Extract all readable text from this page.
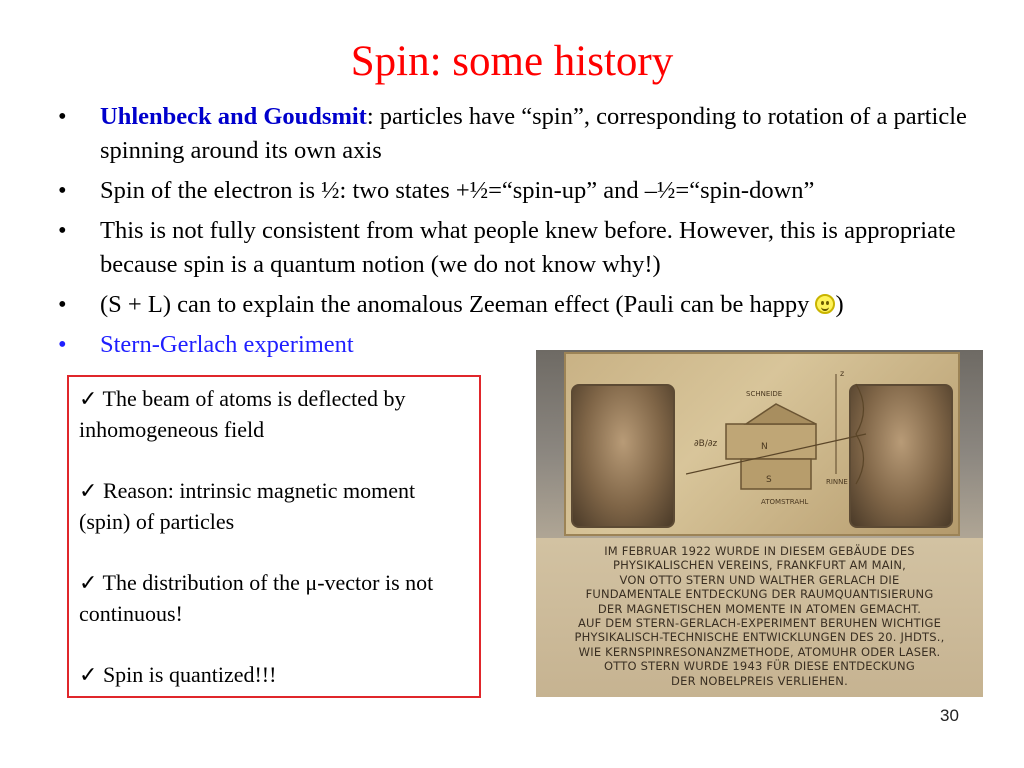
Spin: some history
• Uhlenbeck and Goudsmit: particles have “spin”, corresponding to rotation of a particle spinning around its own axis
• Spin of the electron is ½: two states +½=“spin-up” and –½=“spin-down”
• This is not fully consistent from what people knew before. However, this is appropriate because spin is a quantum notion (we do not know why!)
• (S + L) can to explain the anomalous Zeeman effect (Pauli can be happy
)
• Stern-Gerlach experiment
✓ The beam of atoms is deflected by inhomogeneous field
✓ Reason: intrinsic magnetic moment (spin) of particles
✓ The distribution of the μ-vector is not continuous!
✓ Spin is quantized!!!
SCHNEIDE
∂B/∂z	N
S	RINNE
ATOMSTRAHL
z
IM FEBRUAR 1922 WURDE IN DIESEM GEBÄUDE DES
PHYSIKALISCHEN VEREINS, FRANKFURT AM MAIN,
VON OTTO STERN UND WALTHER GERLACH DIE
FUNDAMENTALE ENTDECKUNG DER RAUMQUANTISIERUNG
DER MAGNETISCHEN MOMENTE IN ATOMEN GEMACHT.
AUF DEM STERN-GERLACH-EXPERIMENT BERUHEN WICHTIGE
PHYSIKALISCH-TECHNISCHE ENTWICKLUNGEN DES 20. JHDTS.,
WIE KERNSPINRESONANZMETHODE, ATOMUHR ODER LASER.
OTTO STERN WURDE 1943 FÜR DIESE ENTDECKUNG
DER NOBELPREIS VERLIEHEN.
30
